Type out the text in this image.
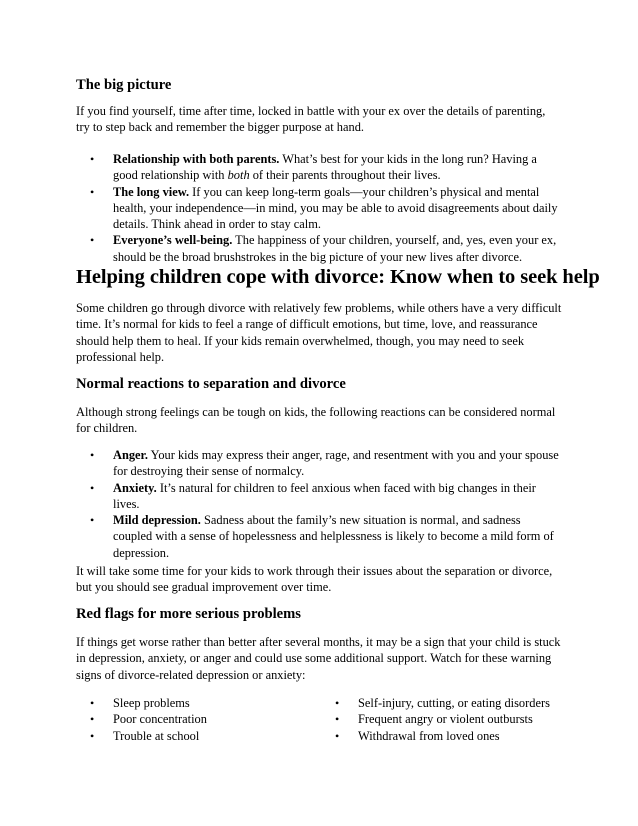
The big picture

If you find yourself, time after time, locked in battle with your ex over the details of parenting, try to step back and remember the bigger purpose at hand.

• Relationship with both parents. What’s best for your kids in the long run? Having a good relationship with both of their parents throughout their lives.
• The long view. If you can keep long-term goals—your children’s physical and mental health, your independence—in mind, you may be able to avoid disagreements about daily details. Think ahead in order to stay calm.
• Everyone’s well-being. The happiness of your children, yourself, and, yes, even your ex, should be the broad brushstrokes in the big picture of your new lives after divorce.
Helping children cope with divorce: Know when to seek help

Some children go through divorce with relatively few problems, while others have a very difficult time. It’s normal for kids to feel a range of difficult emotions, but time, love, and reassurance should help them to heal. If your kids remain overwhelmed, though, you may need to seek professional help.

Normal reactions to separation and divorce

Although strong feelings can be tough on kids, the following reactions can be considered normal for children.

• Anger. Your kids may express their anger, rage, and resentment with you and your spouse for destroying their sense of normalcy.
• Anxiety. It’s natural for children to feel anxious when faced with big changes in their lives.
• Mild depression. Sadness about the family’s new situation is normal, and sadness coupled with a sense of hopelessness and helplessness is likely to become a mild form of depression.

It will take some time for your kids to work through their issues about the separation or divorce, but you should see gradual improvement over time.

Red flags for more serious problems

If things get worse rather than better after several months, it may be a sign that your child is stuck in depression, anxiety, or anger and could use some additional support. Watch for these warning signs of divorce-related depression or anxiety:

• Sleep problems
• Poor concentration
• Trouble at school
• Self-injury, cutting, or eating disorders
• Frequent angry or violent outbursts
• Withdrawal from loved ones
